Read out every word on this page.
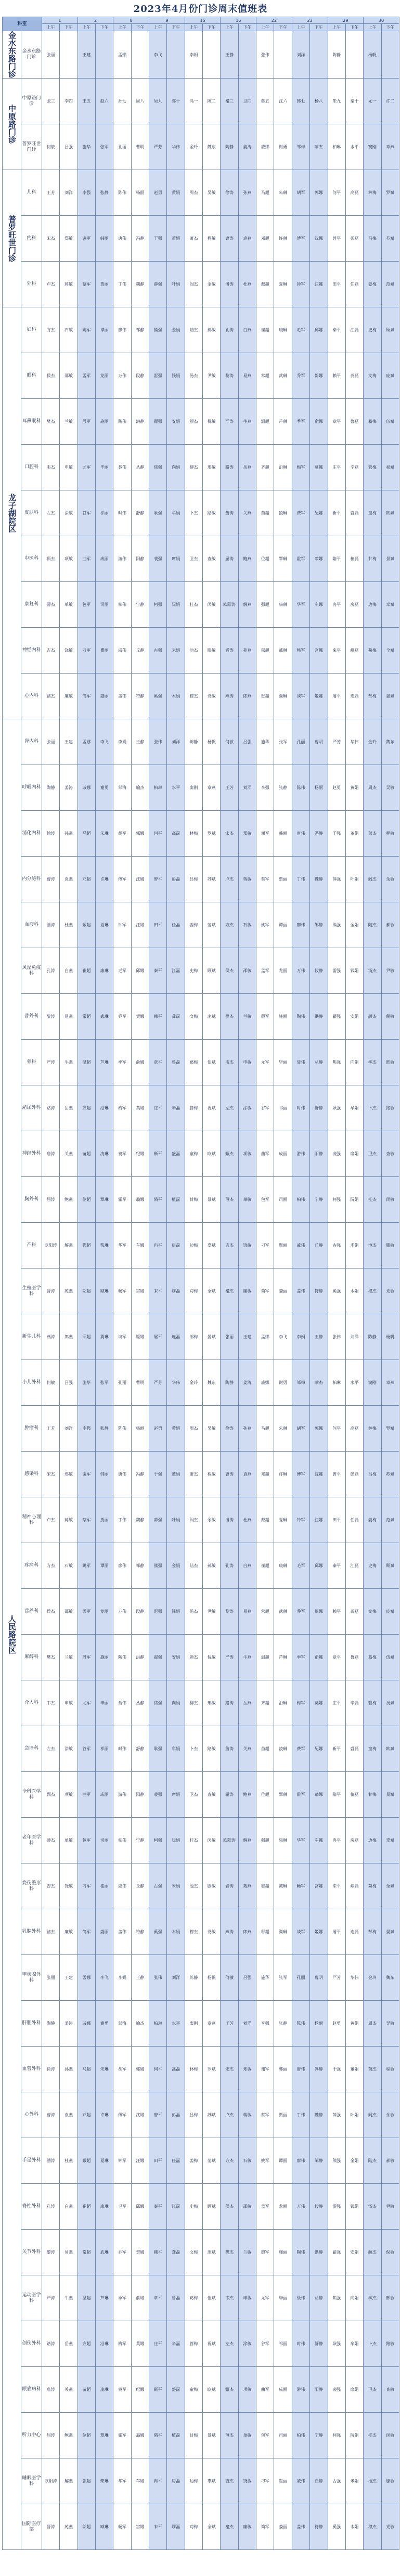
2023年4月份门诊周末值班表
科室		1		2		8		9		15		16		22		23		29		30	
		上午	下午	上午	下午	上午	下午	上午	下午	上午	下午	上午	下午	上午	下午	上午	下午	上午	下午	上午	下午
金水东路门诊	金水东路门诊	张丽		王建		孟娜		李飞		李娟		王静		张伟		刘洋		陈静		杨帆	

中原路门诊	中原路门诊	张三	李四	王五	赵六	孙七	周八	吴九	郑十	冯一	陈二	褚三	卫四	蒋五	沈六	韩七	杨八	朱九	秦十	尤一	许二

	普罗旺世门诊	何敏	吕强	施华	张军	孔丽	曹明	严芳	华伟	金玲	魏东	陶静	姜涛	戚娜	谢勇	邹梅	喻杰	柏琳	水平	窦刚	章燕

普罗旺世门诊	儿科	王芳	刘洋	李强	张静	陈伟	杨丽	赵勇	黄娟	周杰	吴敏	徐涛	孙燕	马超	朱琳	胡军	郭娜	何平	高磊	林梅	罗斌

	内科	宋杰	郑敏	谢军	韩丽	唐伟	冯静	于强	董娟	萧杰	程敏	曹涛	袁燕	邓超	许琳	傅军	沈娜	曾平	彭磊	吕梅	苏斌

	外科	卢杰	蒋敏	蔡军	贾丽	丁伟	魏静	薛强	叶娟	阎杰	余敏	潘涛	杜燕	戴超	夏琳	钟军	汪娜	田平	任磊	姜梅	范斌

龙子湖院区	妇科	方杰	石敏	姚军	谭丽	廖伟	邹静	熊强	金娟	陆杰	郝敏	孔涛	白燕	崔超	康琳	毛军	邱娜	秦平	江磊	史梅	顾斌

	眼科	侯杰	邵敏	孟军	龙丽	万伟	段静	雷强	钱娟	汤杰	尹敏	黎涛	易燕	常超	武琳	乔军	贺娜	赖平	龚磊	文梅	庞斌

	耳鼻喉科	樊杰	兰敏	殷军	施丽	陶伟	洪静	翟强	安娟	颜杰	倪敏	严涛	牛燕	温超	芦琳	季军	俞娜	章平	鲁磊	葛梅	伍斌

	口腔科	韦杰	申敏	尤军	毕丽	聂伟	丛静	焦强	向娟	柳杰	邢敏	路涛	岳燕	齐超	沿琳	梅军	莫娜	庄平	辛磊	管梅	祝斌

	皮肤科	左杰	涂敏	谷军	祁丽	时伟	舒静	耿强	牟娟	卜杰	路敏	詹涛	关燕	苗超	凌琳	费军	纪娜	靳平	盛磊	童梅	欧斌

	中医科	甄杰	项敏	曲军	成丽	游伟	阳静	裴强	席娟	卫杰	查敏	屈涛	鲍燕	位超	覃琳	霍军	翁娜	隋平	植磊	甘梅	景斌

	康复科	薄杰	单敏	包军	司丽	柏伟	宁静	柯强	阮娟	桂杰	闵敏	欧阳涛	解燕	强超	柴琳	华军	车娜	冉平	房磊	边梅	辜斌

	神经内科	吉杰	饶敏	刁军	瞿丽	戚伟	丘静	古强	米娟	池杰	滕敏	晋涛	苑燕	邬超	臧琳	畅军	宫娜	来平	嵺磊	苟梅	全斌

	心内科	褚杰	廉敏	简军	娄丽	盖伟	符静	奚强	木娟	穆杰	党敏	燕涛	郎燕	邸超	冀琳	谈军	姬娜	屠平	连磊	郜梅	晏斌

人民路院区	肾内科	张丽	王建	孟娜	李飞	李娟	王静	张伟	刘洋	陈静	杨帆	何敏	吕强	施华	张军	孔丽	曹明	严芳	华伟	金玲	魏东

	呼吸内科	陶静	姜涛	戚娜	谢勇	邹梅	喻杰	柏琳	水平	窦刚	章燕	王芳	刘洋	李强	张静	陈伟	杨丽	赵勇	黄娟	周杰	吴敏

	消化内科	徐涛	孙燕	马超	朱琳	胡军	郭娜	何平	高磊	林梅	罗斌	宋杰	郑敏	谢军	韩丽	唐伟	冯静	于强	董娟	萧杰	程敏

	内分泌科	曹涛	袁燕	邓超	许琳	傅军	沈娜	曾平	彭磊	吕梅	苏斌	卢杰	蒋敏	蔡军	贾丽	丁伟	魏静	薛强	叶娟	阎杰	余敏

	血液科	潘涛	杜燕	戴超	夏琳	钟军	汪娜	田平	任磊	姜梅	范斌	方杰	石敏	姚军	谭丽	廖伟	邹静	熊强	金娟	陆杰	郝敏

	风湿免疫科	孔涛	白燕	崔超	康琳	毛军	邱娜	秦平	江磊	史梅	顾斌	侯杰	邵敏	孟军	龙丽	万伟	段静	雷强	钱娟	汤杰	尹敏

	普外科	黎涛	易燕	常超	武琳	乔军	贺娜	赖平	龚磊	文梅	庞斌	樊杰	兰敏	殷军	施丽	陶伟	洪静	翟强	安娟	颜杰	倪敏

	骨科	严涛	牛燕	温超	芦琳	季军	俞娜	章平	鲁磊	葛梅	伍斌	韦杰	申敏	尤军	毕丽	聂伟	丛静	焦强	向娟	柳杰	邢敏

	泌尿外科	路涛	岳燕	齐超	沿琳	梅军	莫娜	庄平	辛磊	管梅	祝斌	左杰	涂敏	谷军	祁丽	时伟	舒静	耿强	牟娟	卜杰	路敏

	神经外科	詹涛	关燕	苗超	凌琳	费军	纪娜	靳平	盛磊	童梅	欧斌	甄杰	项敏	曲军	成丽	游伟	阳静	裴强	席娟	卫杰	查敏

	胸外科	屈涛	鲍燕	位超	覃琳	霍军	翁娜	隋平	植磊	甘梅	景斌	薄杰	单敏	包军	司丽	柏伟	宁静	柯强	阮娟	桂杰	闵敏

	产科	欧阳涛	解燕	强超	柴琳	华军	车娜	冉平	房磊	边梅	辜斌	吉杰	饶敏	刁军	瞿丽	戚伟	丘静	古强	米娟	池杰	滕敏

	生殖医学科	晋涛	苑燕	邬超	臧琳	畅军	宫娜	来平	嵺磊	苟梅	全斌	褚杰	廉敏	简军	娄丽	盖伟	符静	奚强	木娟	穆杰	党敏

	新生儿科	燕涛	郎燕	邸超	冀琳	谈军	姬娜	屠平	连磊	郜梅	晏斌	张丽	王建	孟娜	李飞	李娟	王静	张伟	刘洋	陈静	杨帆

	小儿外科	何敏	吕强	施华	张军	孔丽	曹明	严芳	华伟	金玲	魏东	陶静	姜涛	戚娜	谢勇	邹梅	喻杰	柏琳	水平	窦刚	章燕

	肿瘤科	王芳	刘洋	李强	张静	陈伟	杨丽	赵勇	黄娟	周杰	吴敏	徐涛	孙燕	马超	朱琳	胡军	郭娜	何平	高磊	林梅	罗斌

	感染科	宋杰	郑敏	谢军	韩丽	唐伟	冯静	于强	董娟	萧杰	程敏	曹涛	袁燕	邓超	许琳	傅军	沈娜	曾平	彭磊	吕梅	苏斌

	精神心理科	卢杰	蒋敏	蔡军	贾丽	丁伟	魏静	薛强	叶娟	阎杰	余敏	潘涛	杜燕	戴超	夏琳	钟军	汪娜	田平	任磊	姜梅	范斌

	疼痛科	方杰	石敏	姚军	谭丽	廖伟	邹静	熊强	金娟	陆杰	郝敏	孔涛	白燕	崔超	康琳	毛军	邱娜	秦平	江磊	史梅	顾斌

	营养科	侯杰	邵敏	孟军	龙丽	万伟	段静	雷强	钱娟	汤杰	尹敏	黎涛	易燕	常超	武琳	乔军	贺娜	赖平	龚磊	文梅	庞斌

	麻醉科	樊杰	兰敏	殷军	施丽	陶伟	洪静	翟强	安娟	颜杰	倪敏	严涛	牛燕	温超	芦琳	季军	俞娜	章平	鲁磊	葛梅	伍斌

	介入科	韦杰	申敏	尤军	毕丽	聂伟	丛静	焦强	向娟	柳杰	邢敏	路涛	岳燕	齐超	沿琳	梅军	莫娜	庄平	辛磊	管梅	祝斌

	急诊科	左杰	涂敏	谷军	祁丽	时伟	舒静	耿强	牟娟	卜杰	路敏	詹涛	关燕	苗超	凌琳	费军	纪娜	靳平	盛磊	童梅	欧斌

	全科医学科	甄杰	项敏	曲军	成丽	游伟	阳静	裴强	席娟	卫杰	查敏	屈涛	鲍燕	位超	覃琳	霍军	翁娜	隋平	植磊	甘梅	景斌

	老年医学科	薄杰	单敏	包军	司丽	柏伟	宁静	柯强	阮娟	桂杰	闵敏	欧阳涛	解燕	强超	柴琳	华军	车娜	冉平	房磊	边梅	辜斌

	烧伤整形科	吉杰	饶敏	刁军	瞿丽	戚伟	丘静	古强	米娟	池杰	滕敏	晋涛	苑燕	邬超	臧琳	畅军	宫娜	来平	嵺磊	苟梅	全斌

	乳腺外科	褚杰	廉敏	简军	娄丽	盖伟	符静	奚强	木娟	穆杰	党敏	燕涛	郎燕	邸超	冀琳	谈军	姬娜	屠平	连磊	郜梅	晏斌

	甲状腺外科	张丽	王建	孟娜	李飞	李娟	王静	张伟	刘洋	陈静	杨帆	何敏	吕强	施华	张军	孔丽	曹明	严芳	华伟	金玲	魏东

	肝胆外科	陶静	姜涛	戚娜	谢勇	邹梅	喻杰	柏琳	水平	窦刚	章燕	王芳	刘洋	李强	张静	陈伟	杨丽	赵勇	黄娟	周杰	吴敏

	血管外科	徐涛	孙燕	马超	朱琳	胡军	郭娜	何平	高磊	林梅	罗斌	宋杰	郑敏	谢军	韩丽	唐伟	冯静	于强	董娟	萧杰	程敏

	心外科	曹涛	袁燕	邓超	许琳	傅军	沈娜	曾平	彭磊	吕梅	苏斌	卢杰	蒋敏	蔡军	贾丽	丁伟	魏静	薛强	叶娟	阎杰	余敏

	手足外科	潘涛	杜燕	戴超	夏琳	钟军	汪娜	田平	任磊	姜梅	范斌	方杰	石敏	姚军	谭丽	廖伟	邹静	熊强	金娟	陆杰	郝敏

	脊柱外科	孔涛	白燕	崔超	康琳	毛军	邱娜	秦平	江磊	史梅	顾斌	侯杰	邵敏	孟军	龙丽	万伟	段静	雷强	钱娟	汤杰	尹敏

	关节外科	黎涛	易燕	常超	武琳	乔军	贺娜	赖平	龚磊	文梅	庞斌	樊杰	兰敏	殷军	施丽	陶伟	洪静	翟强	安娟	颜杰	倪敏

	运动医学科	严涛	牛燕	温超	芦琳	季军	俞娜	章平	鲁磊	葛梅	伍斌	韦杰	申敏	尤军	毕丽	聂伟	丛静	焦强	向娟	柳杰	邢敏

	创伤外科	路涛	岳燕	齐超	沿琳	梅军	莫娜	庄平	辛磊	管梅	祝斌	左杰	涂敏	谷军	祁丽	时伟	舒静	耿强	牟娟	卜杰	路敏

	眼底病科	詹涛	关燕	苗超	凌琳	费军	纪娜	靳平	盛磊	童梅	欧斌	甄杰	项敏	曲军	成丽	游伟	阳静	裴强	席娟	卫杰	查敏

	听力中心	屈涛	鲍燕	位超	覃琳	霍军	翁娜	隋平	植磊	甘梅	景斌	薄杰	单敏	包军	司丽	柏伟	宁静	柯强	阮娟	桂杰	闵敏

	睡眠医学科	欧阳涛	解燕	强超	柴琳	华军	车娜	冉平	房磊	边梅	辜斌	吉杰	饶敏	刁军	瞿丽	戚伟	丘静	古强	米娟	池杰	滕敏

	国际医疗部	晋涛	苑燕	邬超	臧琳	畅军	宫娜	来平	嵺磊	苟梅	全斌	褚杰	廉敏	简军	娄丽	盖伟	符静	奚强	木娟	穆杰	党敏
